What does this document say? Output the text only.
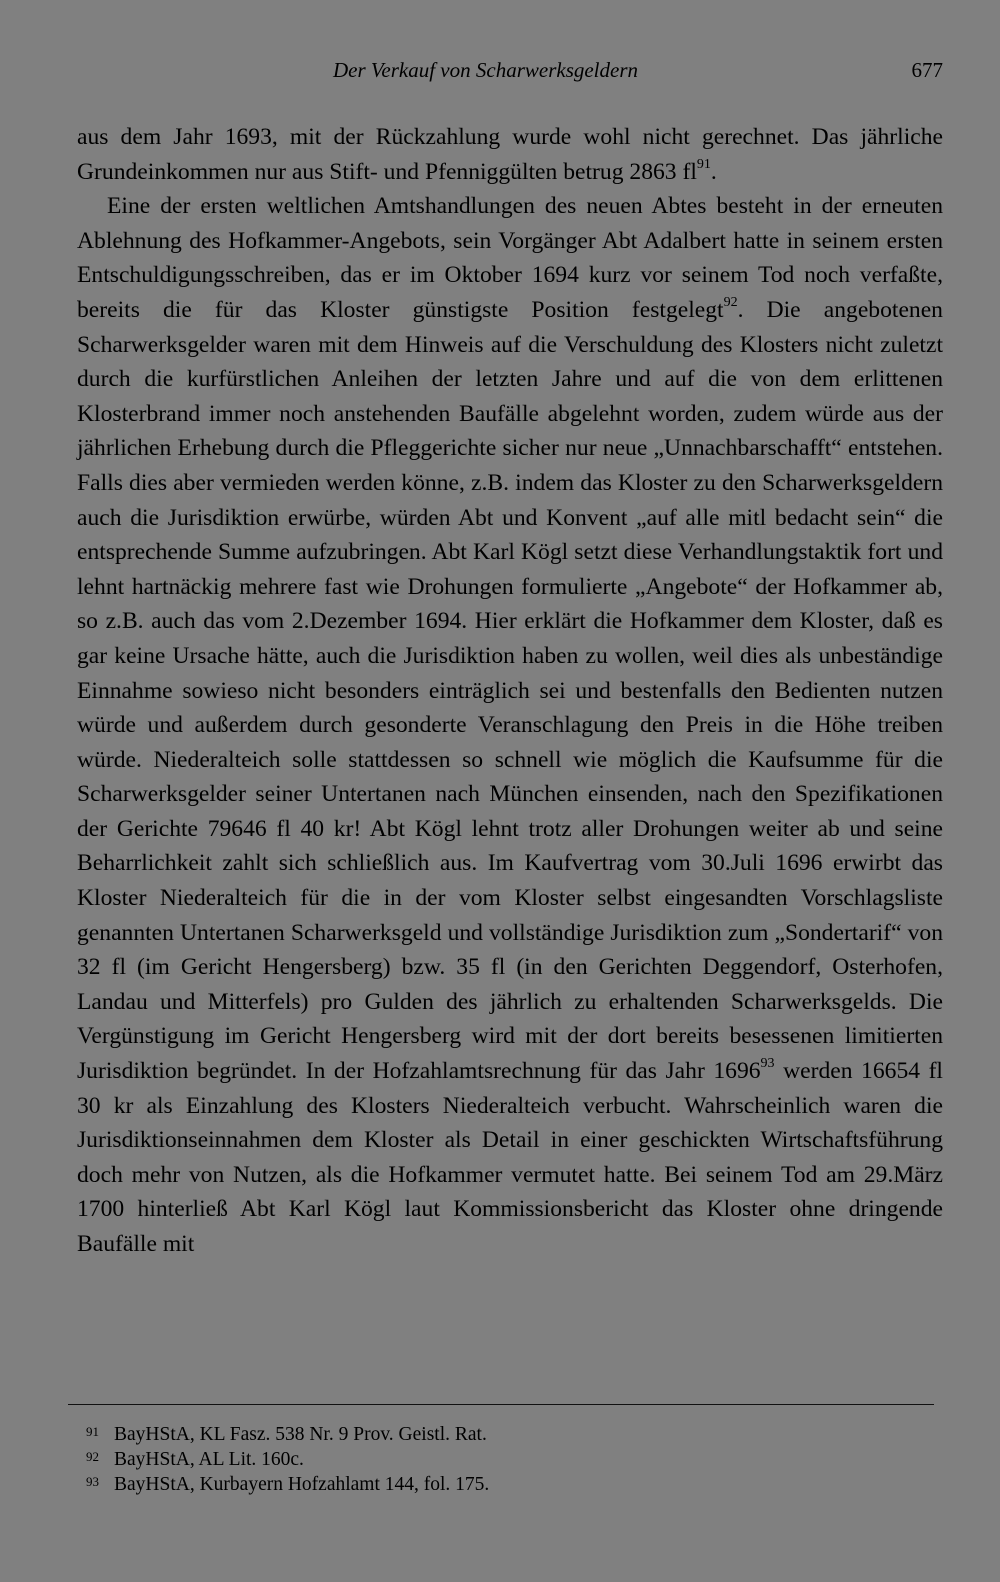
Der Verkauf von Scharwerksgeldern	677

aus dem Jahr 1693, mit der Rückzahlung wurde wohl nicht gerechnet. Das jährliche Grundeinkommen nur aus Stift- und Pfenniggülten betrug 2863 fl$^{91}$.

Eine der ersten weltlichen Amtshandlungen des neuen Abtes besteht in der erneuten Ablehnung des Hofkammer-Angebots, sein Vorgänger Abt Adalbert hatte in seinem ersten Entschuldigungsschreiben, das er im Oktober 1694 kurz vor seinem Tod noch verfaßte, bereits die für das Kloster günstigste Position festgelegt$^{92}$. Die angebotenen Scharwerksgelder waren mit dem Hinweis auf die Verschuldung des Klosters nicht zuletzt durch die kurfürstlichen Anleihen der letzten Jahre und auf die von dem erlittenen Klosterbrand immer noch anstehenden Baufälle abgelehnt worden, zudem würde aus der jährlichen Erhebung durch die Pfleggerichte sicher nur neue „Unnachbarschafft“ entstehen. Falls dies aber vermieden werden könne, z.B. indem das Kloster zu den Scharwerksgeldern auch die Jurisdiktion erwürbe, würden Abt und Konvent „auf alle mitl bedacht sein“ die entsprechende Summe aufzubringen. Abt Karl Kögl setzt diese Verhandlungstaktik fort und lehnt hartnäckig mehrere fast wie Drohungen formulierte „Angebote“ der Hofkammer ab, so z.B. auch das vom 2.Dezember 1694. Hier erklärt die Hofkammer dem Kloster, daß es gar keine Ursache hätte, auch die Jurisdiktion haben zu wollen, weil dies als unbeständige Einnahme sowieso nicht besonders einträglich sei und bestenfalls den Bedienten nutzen würde und außerdem durch gesonderte Veranschlagung den Preis in die Höhe treiben würde. Niederalteich solle stattdessen so schnell wie möglich die Kaufsumme für die Scharwerksgelder seiner Untertanen nach München einsenden, nach den Spezifikationen der Gerichte 79646 fl 40 kr! Abt Kögl lehnt trotz aller Drohungen weiter ab und seine Beharrlichkeit zahlt sich schließlich aus. Im Kaufvertrag vom 30.Juli 1696 erwirbt das Kloster Niederalteich für die in der vom Kloster selbst eingesandten Vorschlagsliste genannten Untertanen Scharwerksgeld und vollständige Jurisdiktion zum „Sondertarif“ von 32 fl (im Gericht Hengersberg) bzw. 35 fl (in den Gerichten Deggendorf, Osterhofen, Landau und Mitterfels) pro Gulden des jährlich zu erhaltenden Scharwerksgelds. Die Vergünstigung im Gericht Hengersberg wird mit der dort bereits besessenen limitierten Jurisdiktion begründet. In der Hofzahlamtsrechnung für das Jahr 1696$^{93}$ werden 16654 fl 30 kr als Einzahlung des Klosters Niederalteich verbucht. Wahrscheinlich waren die Jurisdiktionseinnahmen dem Kloster als Detail in einer geschickten Wirtschaftsführung doch mehr von Nutzen, als die Hofkammer vermutet hatte. Bei seinem Tod am 29.März 1700 hinterließ Abt Karl Kögl laut Kommissionsbericht das Kloster ohne dringende Baufälle mit

91 BayHStA, KL Fasz. 538 Nr. 9 Prov. Geistl. Rat.
92 BayHStA, AL Lit. 160c.
93 BayHStA, Kurbayern Hofzahlamt 144, fol. 175.
